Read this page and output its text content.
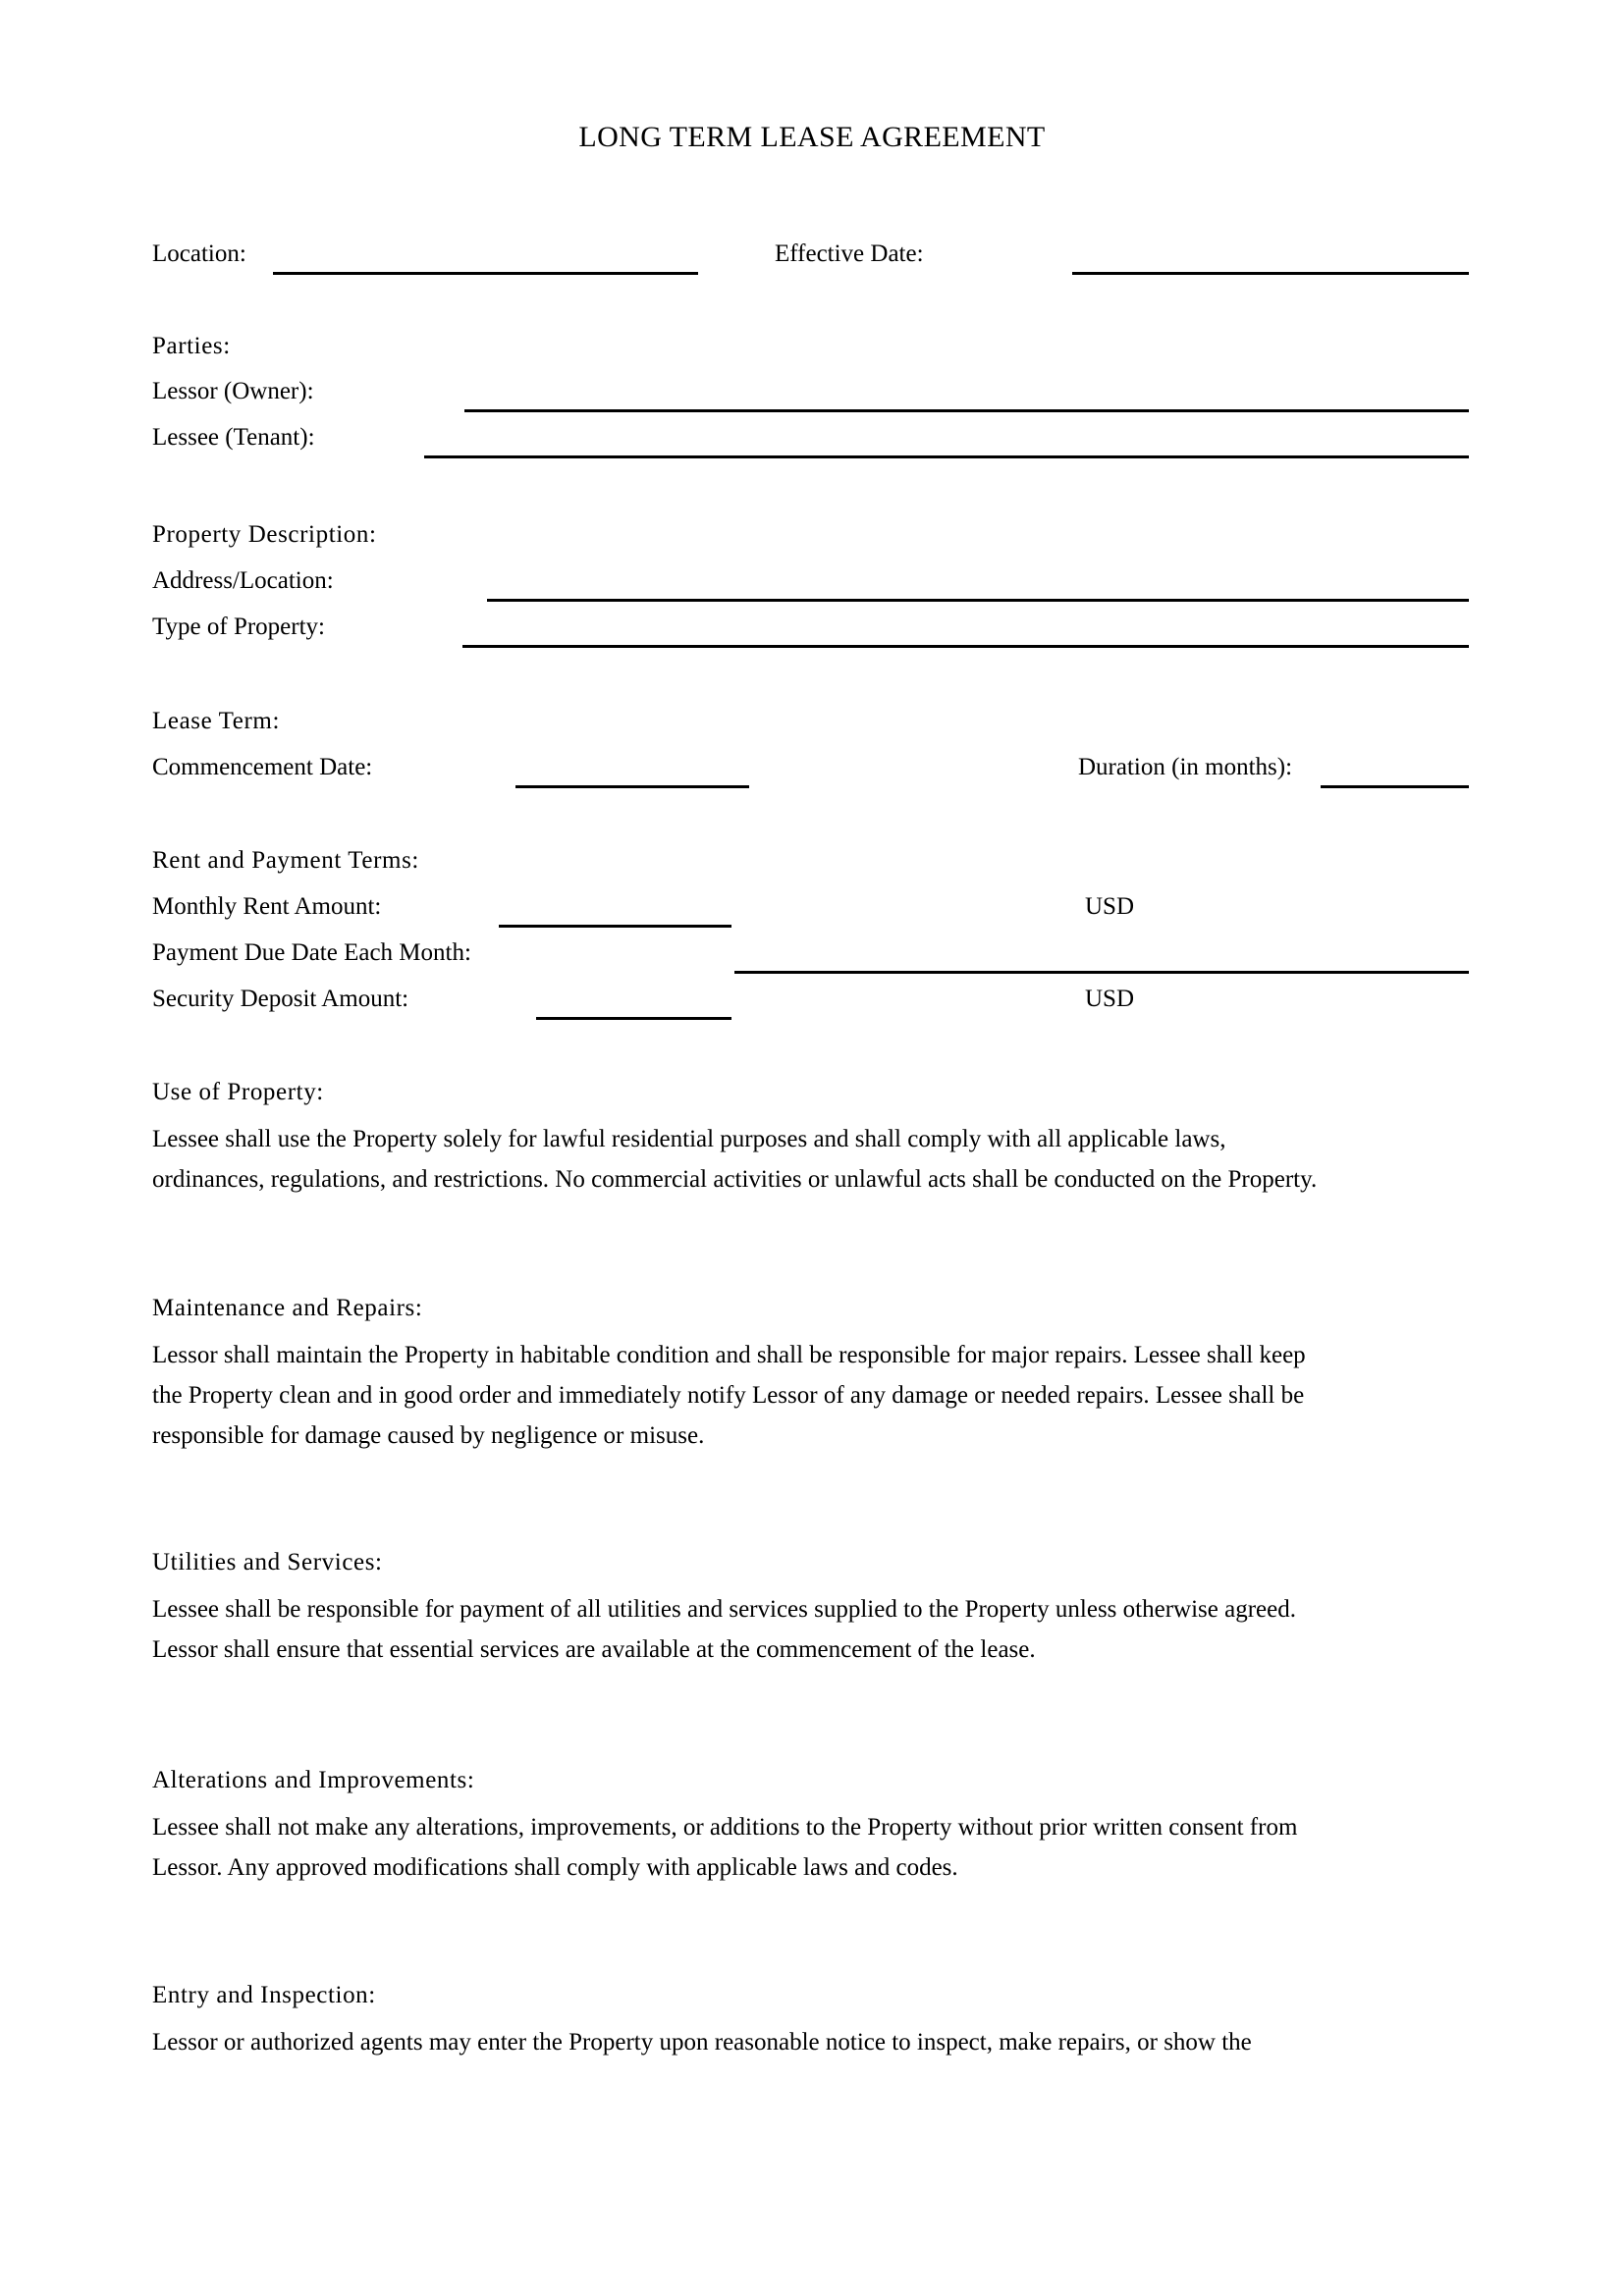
LONG TERM LEASE AGREEMENT
Location:	Effective Date:
Parties:
Lessor (Owner):
Lessee (Tenant):
Property Description:
Address/Location:
Type of Property:
Lease Term:
Commencement Date:	Duration (in months):
Rent and Payment Terms:
Monthly Rent Amount:	USD
Payment Due Date Each Month:
Security Deposit Amount:	USD
Use of Property:
Lessee shall use the Property solely for lawful residential purposes and shall comply with all applicable laws,
ordinances, regulations, and restrictions. No commercial activities or unlawful acts shall be conducted on the Property.
Maintenance and Repairs:
Lessor shall maintain the Property in habitable condition and shall be responsible for major repairs. Lessee shall keep
the Property clean and in good order and immediately notify Lessor of any damage or needed repairs. Lessee shall be
responsible for damage caused by negligence or misuse.
Utilities and Services:
Lessee shall be responsible for payment of all utilities and services supplied to the Property unless otherwise agreed.
Lessor shall ensure that essential services are available at the commencement of the lease.
Alterations and Improvements:
Lessee shall not make any alterations, improvements, or additions to the Property without prior written consent from
Lessor. Any approved modifications shall comply with applicable laws and codes.
Entry and Inspection:
Lessor or authorized agents may enter the Property upon reasonable notice to inspect, make repairs, or show the
